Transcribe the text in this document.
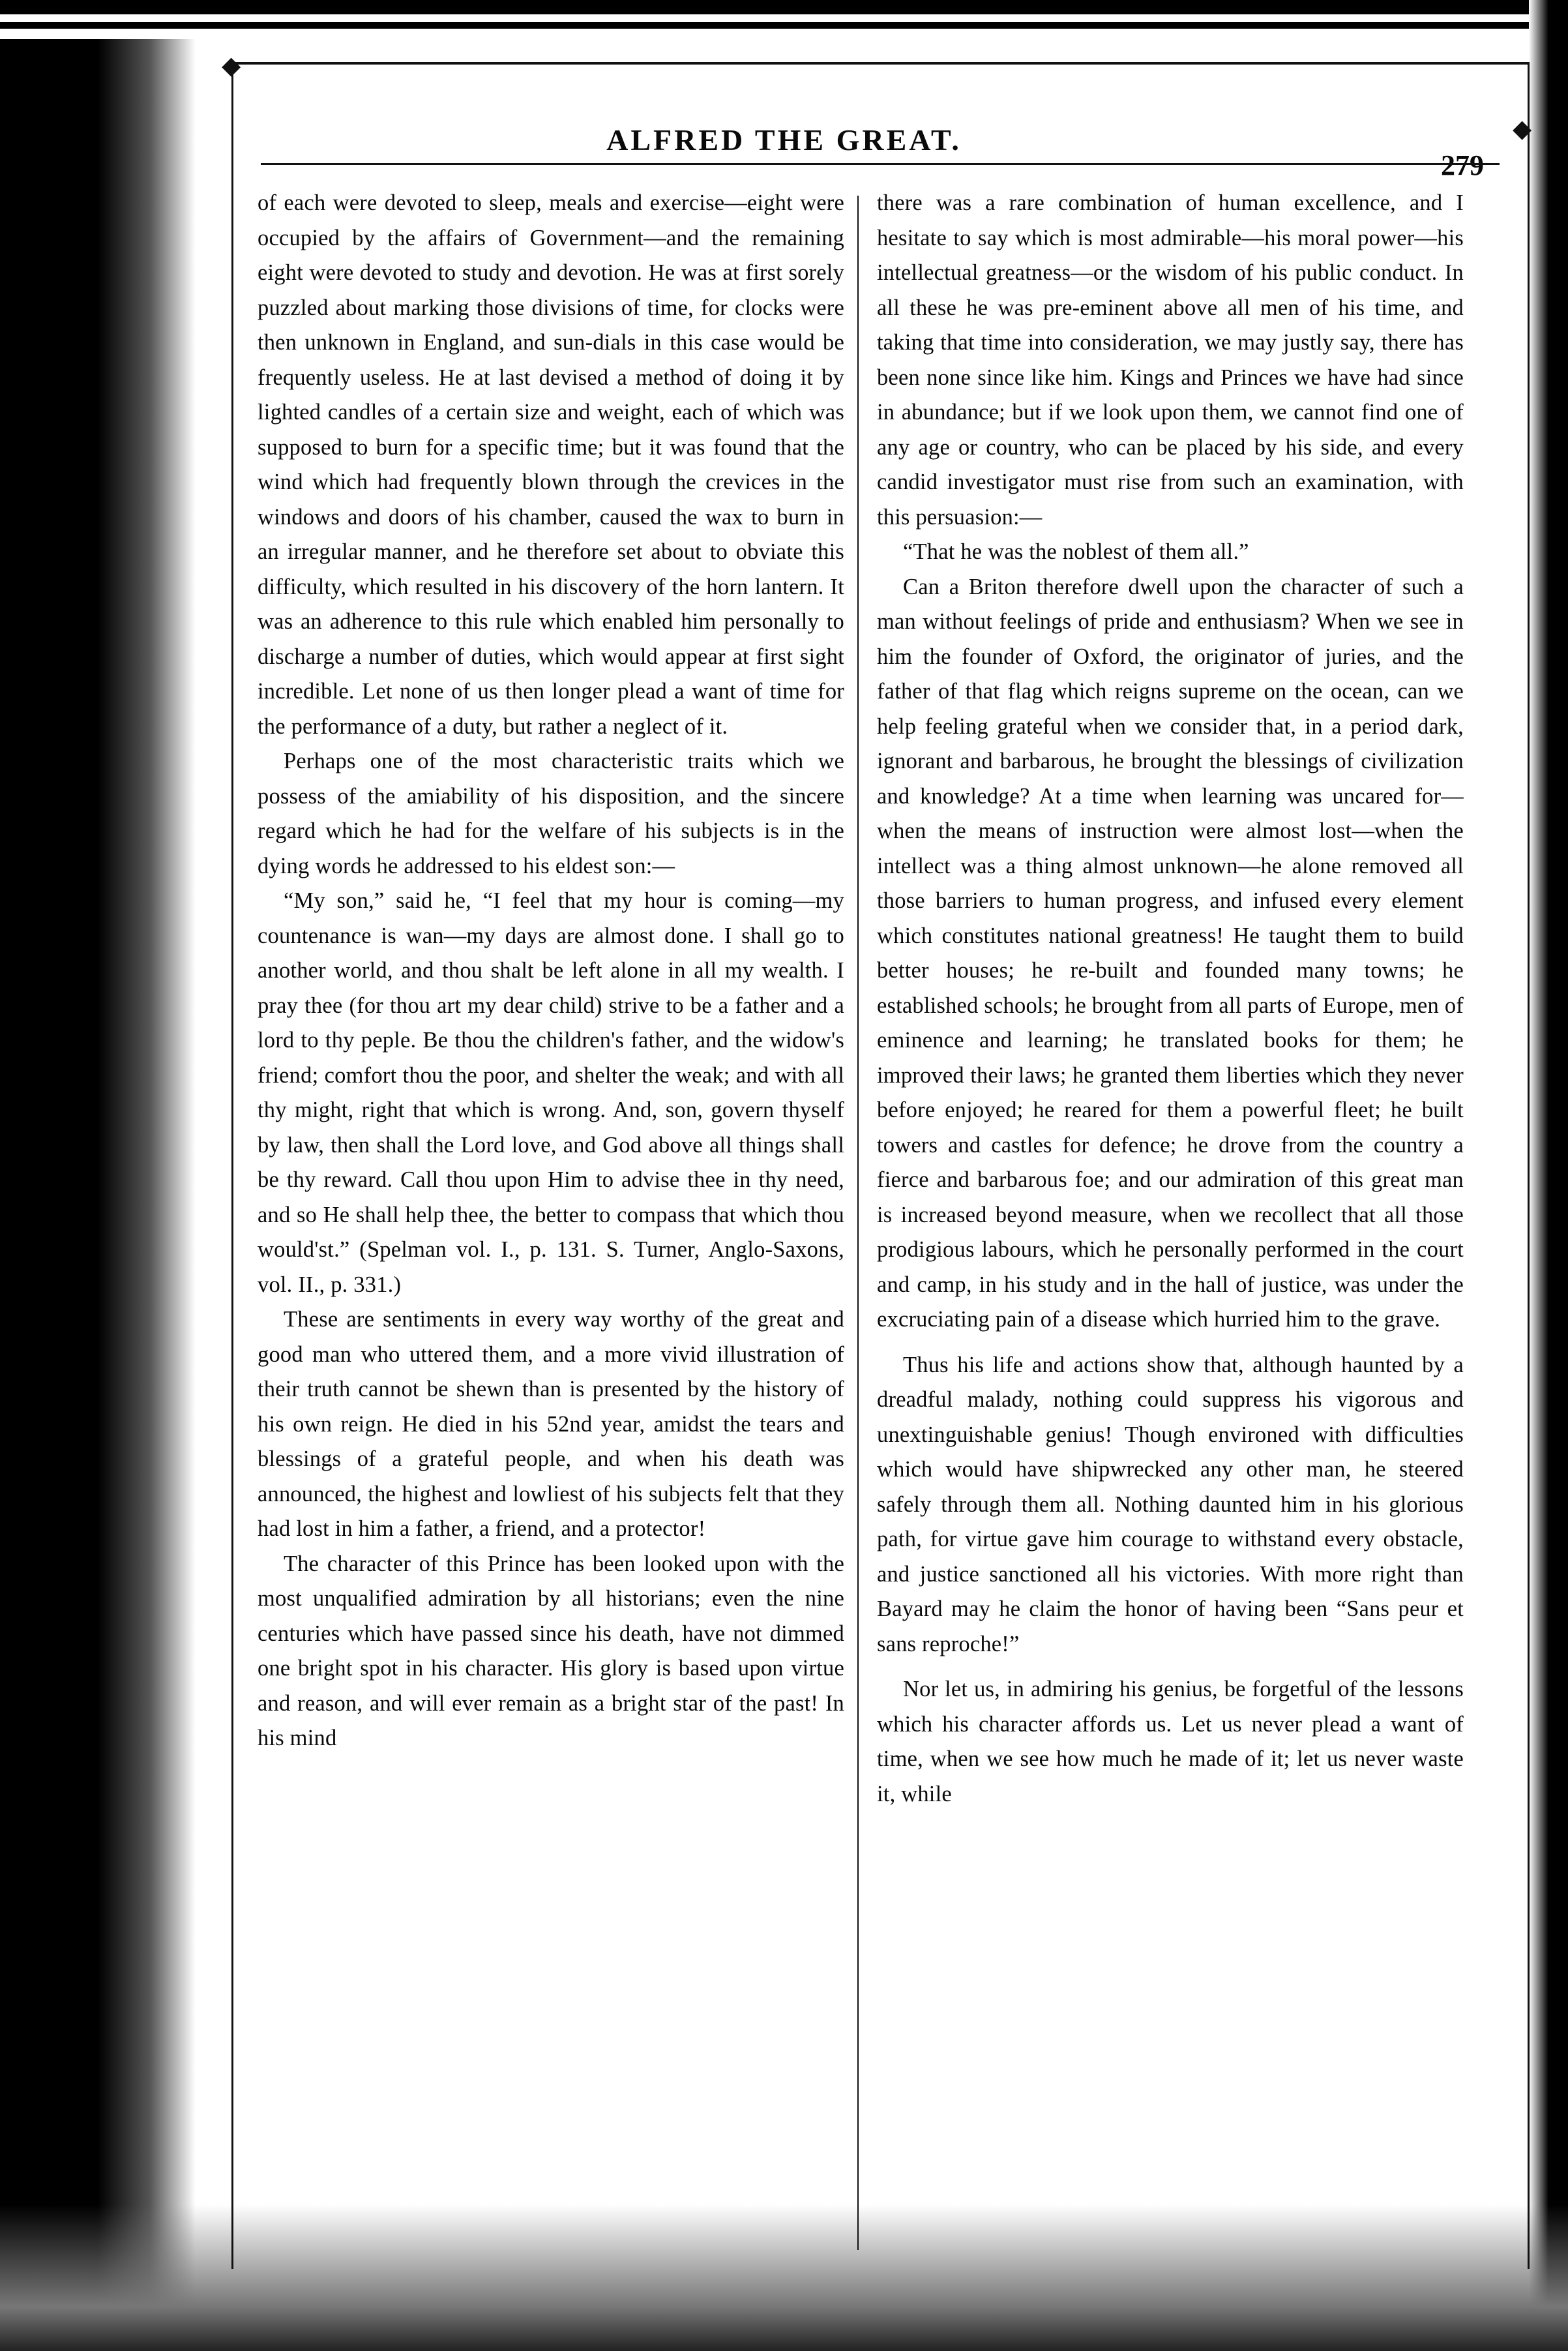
◆
◆
ALFRED THE GREAT.
279

of each were devoted to sleep, meals and exercise—eight were occupied by the affairs of Government—and the remaining eight were devoted to study and devotion. He was at first sorely puzzled about marking those divisions of time, for clocks were then unknown in England, and sun-dials in this case would be frequently useless. He at last devised a method of doing it by lighted candles of a certain size and weight, each of which was supposed to burn for a specific time; but it was found that the wind which had frequently blown through the crevices in the windows and doors of his chamber, caused the wax to burn in an irregular manner, and he therefore set about to obviate this difficulty, which resulted in his discovery of the horn lantern. It was an adherence to this rule which enabled him personally to discharge a number of duties, which would appear at first sight incredible. Let none of us then longer plead a want of time for the performance of a duty, but rather a neglect of it.

Perhaps one of the most characteristic traits which we possess of the amiability of his disposition, and the sincere regard which he had for the welfare of his subjects is in the dying words he addressed to his eldest son:—

“My son,” said he, “I feel that my hour is coming—my countenance is wan—my days are almost done. I shall go to another world, and thou shalt be left alone in all my wealth. I pray thee (for thou art my dear child) strive to be a father and a lord to thy peple. Be thou the children's father, and the widow's friend; comfort thou the poor, and shelter the weak; and with all thy might, right that which is wrong. And, son, govern thyself by law, then shall the Lord love, and God above all things shall be thy reward. Call thou upon Him to advise thee in thy need, and so He shall help thee, the better to compass that which thou would'st.” (Spelman vol. I., p. 131. S. Turner, Anglo-Saxons, vol. II., p. 331.)

These are sentiments in every way worthy of the great and good man who uttered them, and a more vivid illustration of their truth cannot be shewn than is presented by the history of his own reign. He died in his 52nd year, amidst the tears and blessings of a grateful people, and when his death was announced, the highest and lowliest of his subjects felt that they had lost in him a father, a friend, and a protector!

The character of this Prince has been looked upon with the most unqualified admiration by all historians; even the nine centuries which have passed since his death, have not dimmed one bright spot in his character. His glory is based upon virtue and reason, and will ever remain as a bright star of the past! In his mind

there was a rare combination of human excellence, and I hesitate to say which is most admirable—his moral power—his intellectual greatness—or the wisdom of his public conduct. In all these he was pre-eminent above all men of his time, and taking that time into consideration, we may justly say, there has been none since like him. Kings and Princes we have had since in abundance; but if we look upon them, we cannot find one of any age or country, who can be placed by his side, and every candid investigator must rise from such an examination, with this persuasion:—

“That he was the noblest of them all.”

Can a Briton therefore dwell upon the character of such a man without feelings of pride and enthusiasm? When we see in him the founder of Oxford, the originator of juries, and the father of that flag which reigns supreme on the ocean, can we help feeling grateful when we consider that, in a period dark, ignorant and barbarous, he brought the blessings of civilization and knowledge? At a time when learning was uncared for—when the means of instruction were almost lost—when the intellect was a thing almost unknown—he alone removed all those barriers to human progress, and infused every element which constitutes national greatness! He taught them to build better houses; he re-built and founded many towns; he established schools; he brought from all parts of Europe, men of eminence and learning; he translated books for them; he improved their laws; he granted them liberties which they never before enjoyed; he reared for them a powerful fleet; he built towers and castles for defence; he drove from the country a fierce and barbarous foe; and our admiration of this great man is increased beyond measure, when we recollect that all those prodigious labours, which he personally performed in the court and camp, in his study and in the hall of justice, was under the excruciating pain of a disease which hurried him to the grave.

Thus his life and actions show that, although haunted by a dreadful malady, nothing could suppress his vigorous and unextinguishable genius! Though environed with difficulties which would have shipwrecked any other man, he steered safely through them all. Nothing daunted him in his glorious path, for virtue gave him courage to withstand every obstacle, and justice sanctioned all his victories. With more right than Bayard may he claim the honor of having been “Sans peur et sans reproche!”

Nor let us, in admiring his genius, be forgetful of the lessons which his character affords us. Let us never plead a want of time, when we see how much he made of it; let us never waste it, while
